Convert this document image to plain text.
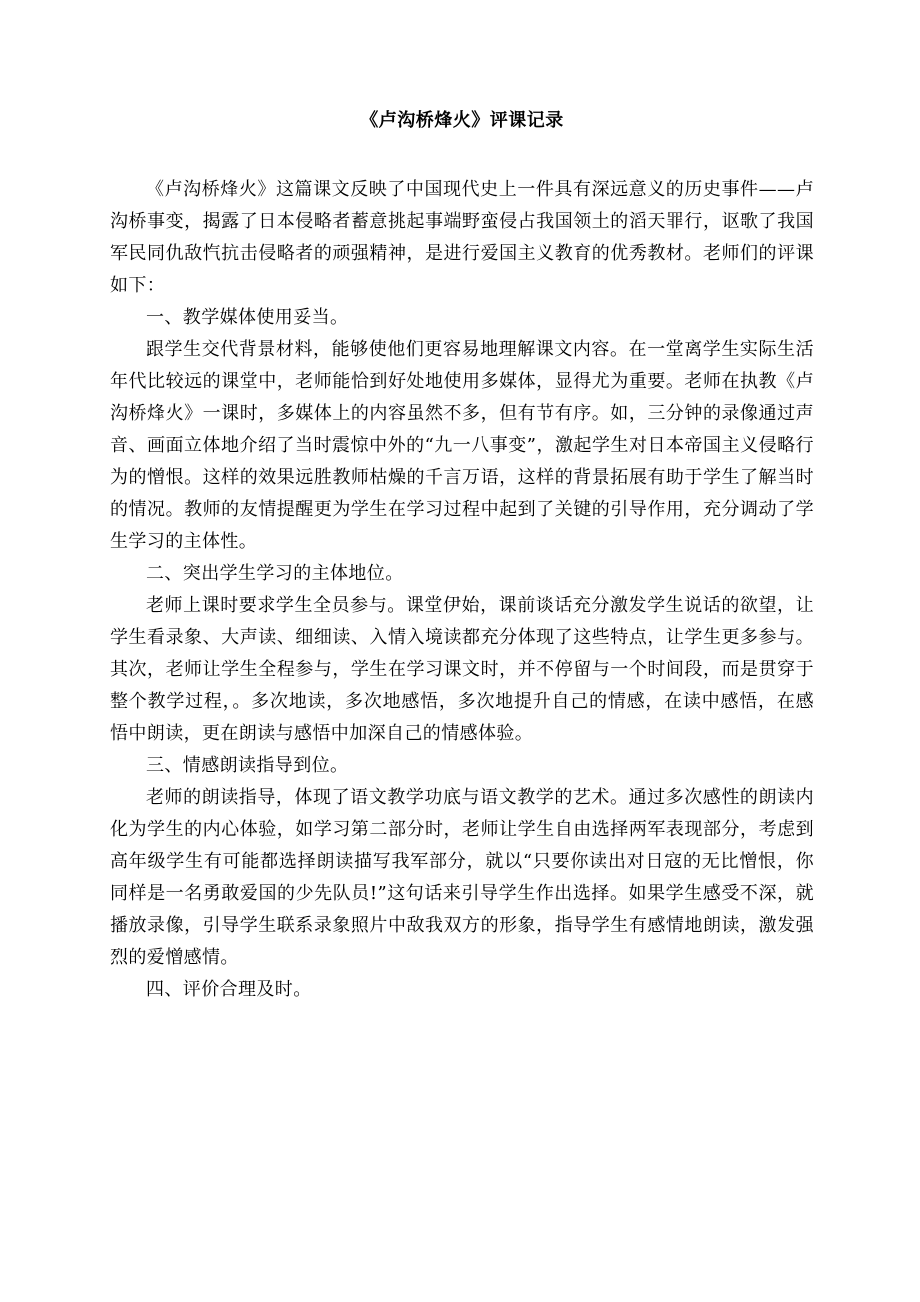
《卢沟桥烽火》评课记录

《卢沟桥烽火》这篇课文反映了中国现代史上一件具有深远意义的历史事件——卢沟桥事变，揭露了日本侵略者蓄意挑起事端野蛮侵占我国领土的滔天罪行，讴歌了我国军民同仇敌忾抗击侵略者的顽强精神，是进行爱国主义教育的优秀教材。老师们的评课如下：

一、教学媒体使用妥当。

跟学生交代背景材料，能够使他们更容易地理解课文内容。在一堂离学生实际生活年代比较远的课堂中，老师能恰到好处地使用多媒体，显得尤为重要。老师在执教《卢沟桥烽火》一课时，多媒体上的内容虽然不多，但有节有序。如，三分钟的录像通过声音、画面立体地介绍了当时震惊中外的“九一八事变”，激起学生对日本帝国主义侵略行为的憎恨。这样的效果远胜教师枯燥的千言万语，这样的背景拓展有助于学生了解当时的情况。教师的友情提醒更为学生在学习过程中起到了关键的引导作用，充分调动了学生学习的主体性。

二、突出学生学习的主体地位。

老师上课时要求学生全员参与。课堂伊始，课前谈话充分激发学生说话的欲望，让学生看录象、大声读、细细读、入情入境读都充分体现了这些特点，让学生更多参与。其次，老师让学生全程参与，学生在学习课文时，并不停留与一个时间段，而是贯穿于整个教学过程，。多次地读，多次地感悟，多次地提升自己的情感，在读中感悟，在感悟中朗读，更在朗读与感悟中加深自己的情感体验。

三、情感朗读指导到位。

老师的朗读指导，体现了语文教学功底与语文教学的艺术。通过多次感性的朗读内化为学生的内心体验，如学习第二部分时，老师让学生自由选择两军表现部分，考虑到高年级学生有可能都选择朗读描写我军部分，就以“只要你读出对日寇的无比憎恨，你同样是一名勇敢爱国的少先队员!”这句话来引导学生作出选择。如果学生感受不深，就播放录像，引导学生联系录象照片中敌我双方的形象，指导学生有感情地朗读，激发强烈的爱憎感情。

四、评价合理及时。
